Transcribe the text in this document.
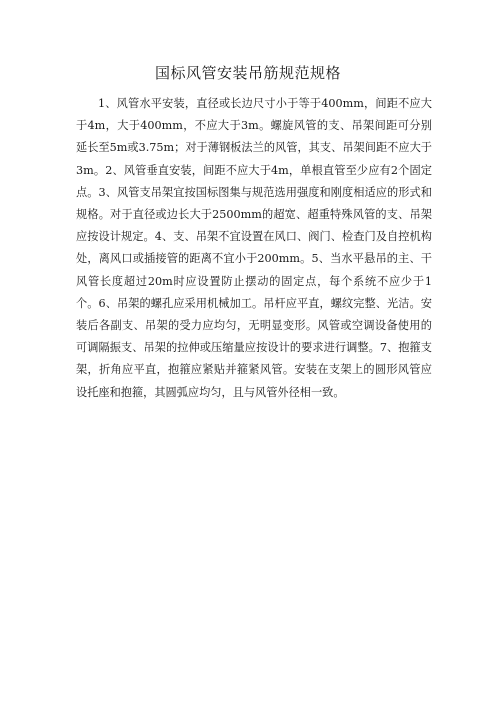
国标风管安装吊筋规范规格

1、风管水平安装，直径或长边尺寸小于等于400mm，间距不应大于4m，大于400mm，不应大于3m。螺旋风管的支、吊架间距可分别延长至5m或3.75m；对于薄钢板法兰的风管，其支、吊架间距不应大于3m。2、风管垂直安装，间距不应大于4m，单根直管至少应有2个固定点。3、风管支吊架宜按国标图集与规范选用强度和刚度相适应的形式和规格。对于直径或边长大于2500mm的超宽、超重特殊风管的支、吊架应按设计规定。4、支、吊架不宜设置在风口、阀门、检查门及自控机构处，离风口或插接管的距离不宜小于200mm。5、当水平悬吊的主、干风管长度超过20m时应设置防止摆动的固定点，每个系统不应少于1个。6、吊架的螺孔应采用机械加工。吊杆应平直，螺纹完整、光洁。安装后各副支、吊架的受力应均匀，无明显变形。风管或空调设备使用的可调隔振支、吊架的拉伸或压缩量应按设计的要求进行调整。7、抱箍支架，折角应平直，抱箍应紧贴并箍紧风管。安装在支架上的圆形风管应设托座和抱箍，其圆弧应均匀，且与风管外径相一致。
